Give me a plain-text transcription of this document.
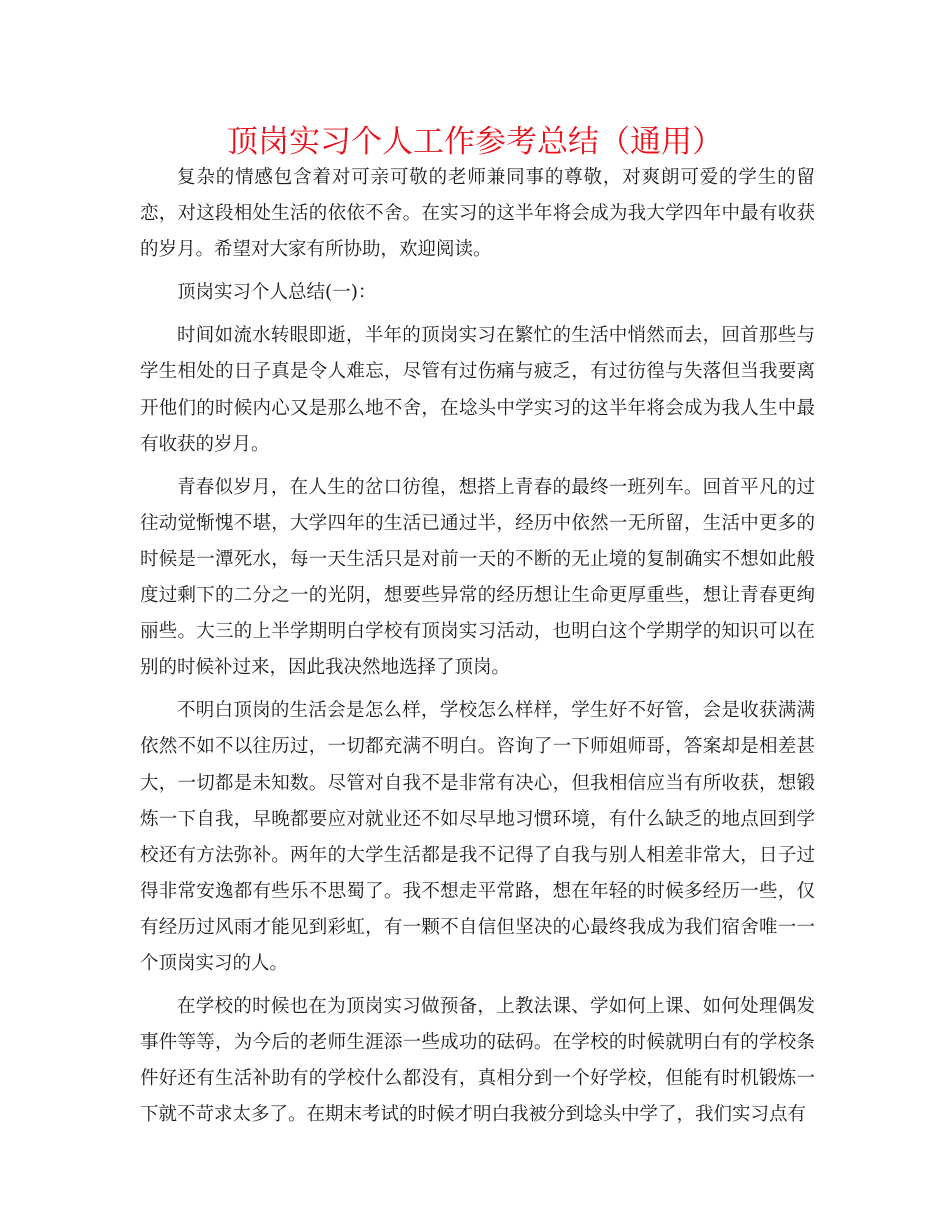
顶岗实习个人工作参考总结（通用）

复杂的情感包含着对可亲可敬的老师兼同事的尊敬，对爽朗可爱的学生的留恋，对这段相处生活的依依不舍。在实习的这半年将会成为我大学四年中最有收获的岁月。希望对大家有所协助，欢迎阅读。

顶岗实习个人总结(一)：

时间如流水转眼即逝，半年的顶岗实习在繁忙的生活中悄然而去，回首那些与学生相处的日子真是令人难忘，尽管有过伤痛与疲乏，有过彷徨与失落但当我要离开他们的时候内心又是那么地不舍，在埝头中学实习的这半年将会成为我人生中最有收获的岁月。

青春似岁月，在人生的岔口彷徨，想搭上青春的最终一班列车。回首平凡的过往动觉惭愧不堪，大学四年的生活已通过半，经历中依然一无所留，生活中更多的时候是一潭死水，每一天生活只是对前一天的不断的无止境的复制确实不想如此般度过剩下的二分之一的光阴，想要些异常的经历想让生命更厚重些，想让青春更绚丽些。大三的上半学期明白学校有顶岗实习活动，也明白这个学期学的知识可以在别的时候补过来，因此我决然地选择了顶岗。

不明白顶岗的生活会是怎么样，学校怎么样样，学生好不好管，会是收获满满依然不如不以往历过，一切都充满不明白。咨询了一下师姐师哥，答案却是相差甚大，一切都是未知数。尽管对自我不是非常有决心，但我相信应当有所收获，想锻炼一下自我，早晚都要应对就业还不如尽早地习惯环境，有什么缺乏的地点回到学校还有方法弥补。两年的大学生活都是我不记得了自我与别人相差非常大，日子过得非常安逸都有些乐不思蜀了。我不想走平常路，想在年轻的时候多经历一些，仅有经历过风雨才能见到彩虹，有一颗不自信但坚决的心最终我成为我们宿舍唯一一个顶岗实习的人。

在学校的时候也在为顶岗实习做预备，上教法课、学如何上课、如何处理偶发事件等等，为今后的老师生涯添一些成功的砝码。在学校的时候就明白有的学校条件好还有生活补助有的学校什么都没有，真相分到一个好学校，但能有时机锻炼一下就不苛求太多了。在期末考试的时候才明白我被分到埝头中学了，我们实习点有
